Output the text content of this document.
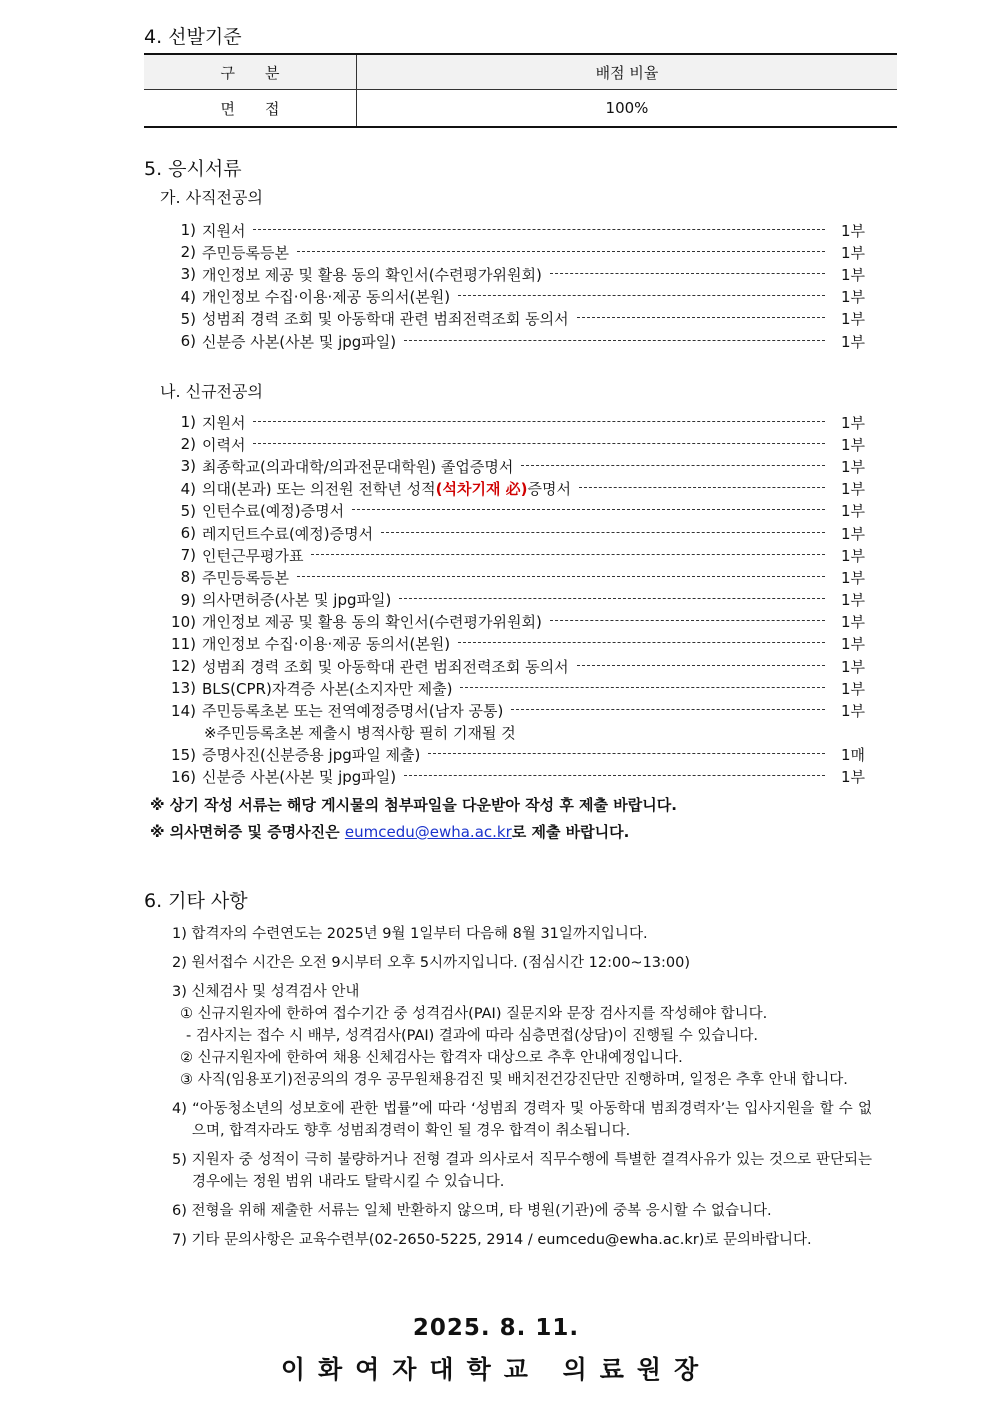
4. 선발기준
구　　분	배점 비율
면　　접	100%
5. 응시서류
가. 사직전공의
1) 지원서	1부
2) 주민등록등본	1부
3) 개인정보 제공 및 활용 동의 확인서(수련평가위원회)	1부
4) 개인정보 수집·이용·제공 동의서(본원)	1부
5) 성범죄 경력 조회 및 아동학대 관련 범죄전력조회 동의서	1부
6) 신분증 사본(사본 및 jpg파일)	1부
나. 신규전공의
1) 지원서	1부
2) 이력서	1부
3) 최종학교(의과대학/의과전문대학원) 졸업증명서	1부
4) 의대(본과) 또는 의전원 전학년 성적(석차기재 必)증명서	1부
5) 인턴수료(예정)증명서	1부
6) 레지던트수료(예정)증명서	1부
7) 인턴근무평가표	1부
8) 주민등록등본	1부
9) 의사면허증(사본 및 jpg파일)	1부
10) 개인정보 제공 및 활용 동의 확인서(수련평가위원회)	1부
11) 개인정보 수집·이용·제공 동의서(본원)	1부
12) 성범죄 경력 조회 및 아동학대 관련 범죄전력조회 동의서	1부
13) BLS(CPR)자격증 사본(소지자만 제출)	1부
14) 주민등록초본 또는 전역예정증명서(남자 공통)	1부
※주민등록초본 제출시 병적사항 필히 기재될 것
15) 증명사진(신분증용 jpg파일 제출)	1매
16) 신분증 사본(사본 및 jpg파일)	1부
※ 상기 작성 서류는 해당 게시물의 첨부파일을 다운받아 작성 후 제출 바랍니다.
※ 의사면허증 및 증명사진은 eumcedu@ewha.ac.kr로 제출 바랍니다.
6. 기타 사항

1) 합격자의 수련연도는 2025년 9월 1일부터 다음해 8월 31일까지입니다.

2) 원서접수 시간은 오전 9시부터 오후 5시까지입니다. (점심시간 12:00~13:00)

3) 신체검사 및 성격검사 안내

① 신규지원자에 한하여 접수기간 중 성격검사(PAI) 질문지와 문장 검사지를 작성해야 합니다.

- 검사지는 접수 시 배부, 성격검사(PAI) 결과에 따라 심층면접(상담)이 진행될 수 있습니다.

② 신규지원자에 한하여 채용 신체검사는 합격자 대상으로 추후 안내예정입니다.

③ 사직(임용포기)전공의의 경우 공무원채용검진 및 배치전건강진단만 진행하며, 일정은 추후 안내 합니다.

4) “아동청소년의 성보호에 관한 법률”에 따라 ‘성범죄 경력자 및 아동학대 범죄경력자’는 입사지원을 할 수 없으며, 합격자라도 향후 성범죄경력이 확인 될 경우 합격이 취소됩니다.

5) 지원자 중 성적이 극히 불량하거나 전형 결과 의사로서 직무수행에 특별한 결격사유가 있는 것으로 판단되는 경우에는 정원 범위 내라도 탈락시킬 수 있습니다.

6) 전형을 위해 제출한 서류는 일체 반환하지 않으며, 타 병원(기관)에 중복 응시할 수 없습니다.

7) 기타 문의사항은 교육수련부(02-2650-5225, 2914 / eumcedu@ewha.ac.kr)로 문의바랍니다.

2025. 8. 11.
이화여자대학교 의료원장
